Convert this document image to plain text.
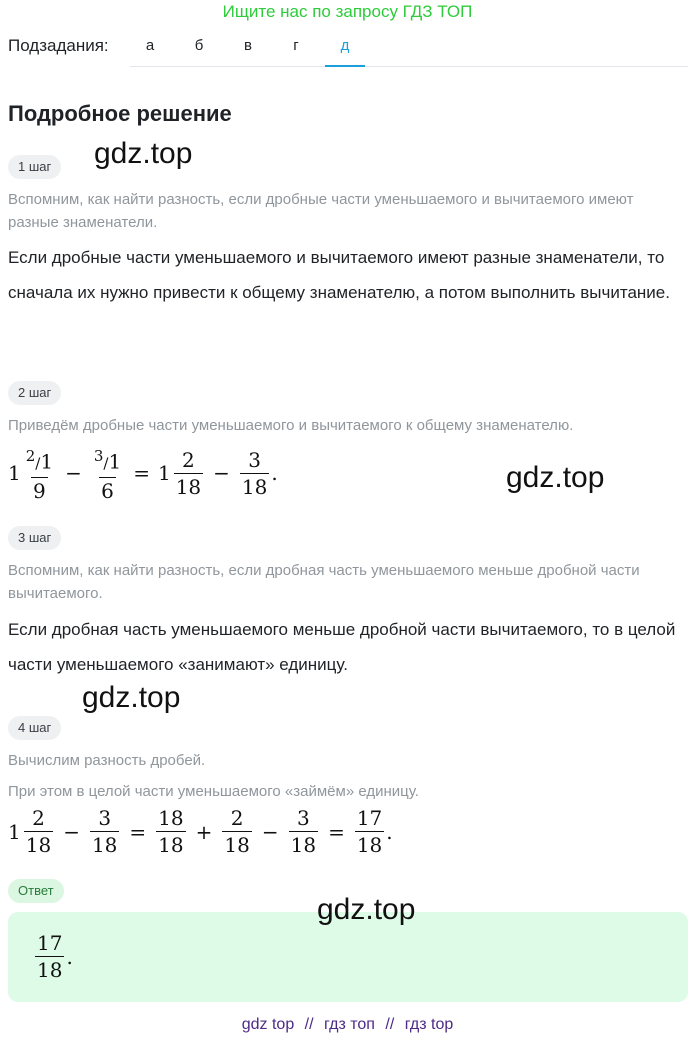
Ищите нас по запросу ГДЗ ТОП
Подзадания:	а	б	в	г	д
Подробное решение
1 шаг	gdz.top
Вспомним, как найти разность, если дробные части уменьшаемого и вычитаемого имеют разные знаменатели.
Если дробные части уменьшаемого и вычитаемого имеют разные знаменатели, то сначала их нужно привести к общему знаменателю, а потом выполнить вычитание.
2 шаг
Приведём дробные части уменьшаемого и вычитаемого к общему знаменателю.
$1 \frac{^2/1}{9} - \frac{^3/1}{6} = 1 \frac{2}{18} - \frac{3}{18}$ .	gdz.top
3 шаг
Вспомним, как найти разность, если дробная часть уменьшаемого меньше дробной части вычитаемого.
Если дробная часть уменьшаемого меньше дробной части вычитаемого, то в целой части уменьшаемого «занимают» единицу.
gdz.top
4 шаг
Вычислим разность дробей.
При этом в целой части уменьшаемого «займём» единицу.
$1 \frac{2}{18} - \frac{3}{18} = \frac{18}{18} + \frac{2}{18} - \frac{3}{18} = \frac{17}{18}$ .
Ответ
gdz.top
$\frac{17}{18}$ .
gdz top // гдз топ // гдз top
